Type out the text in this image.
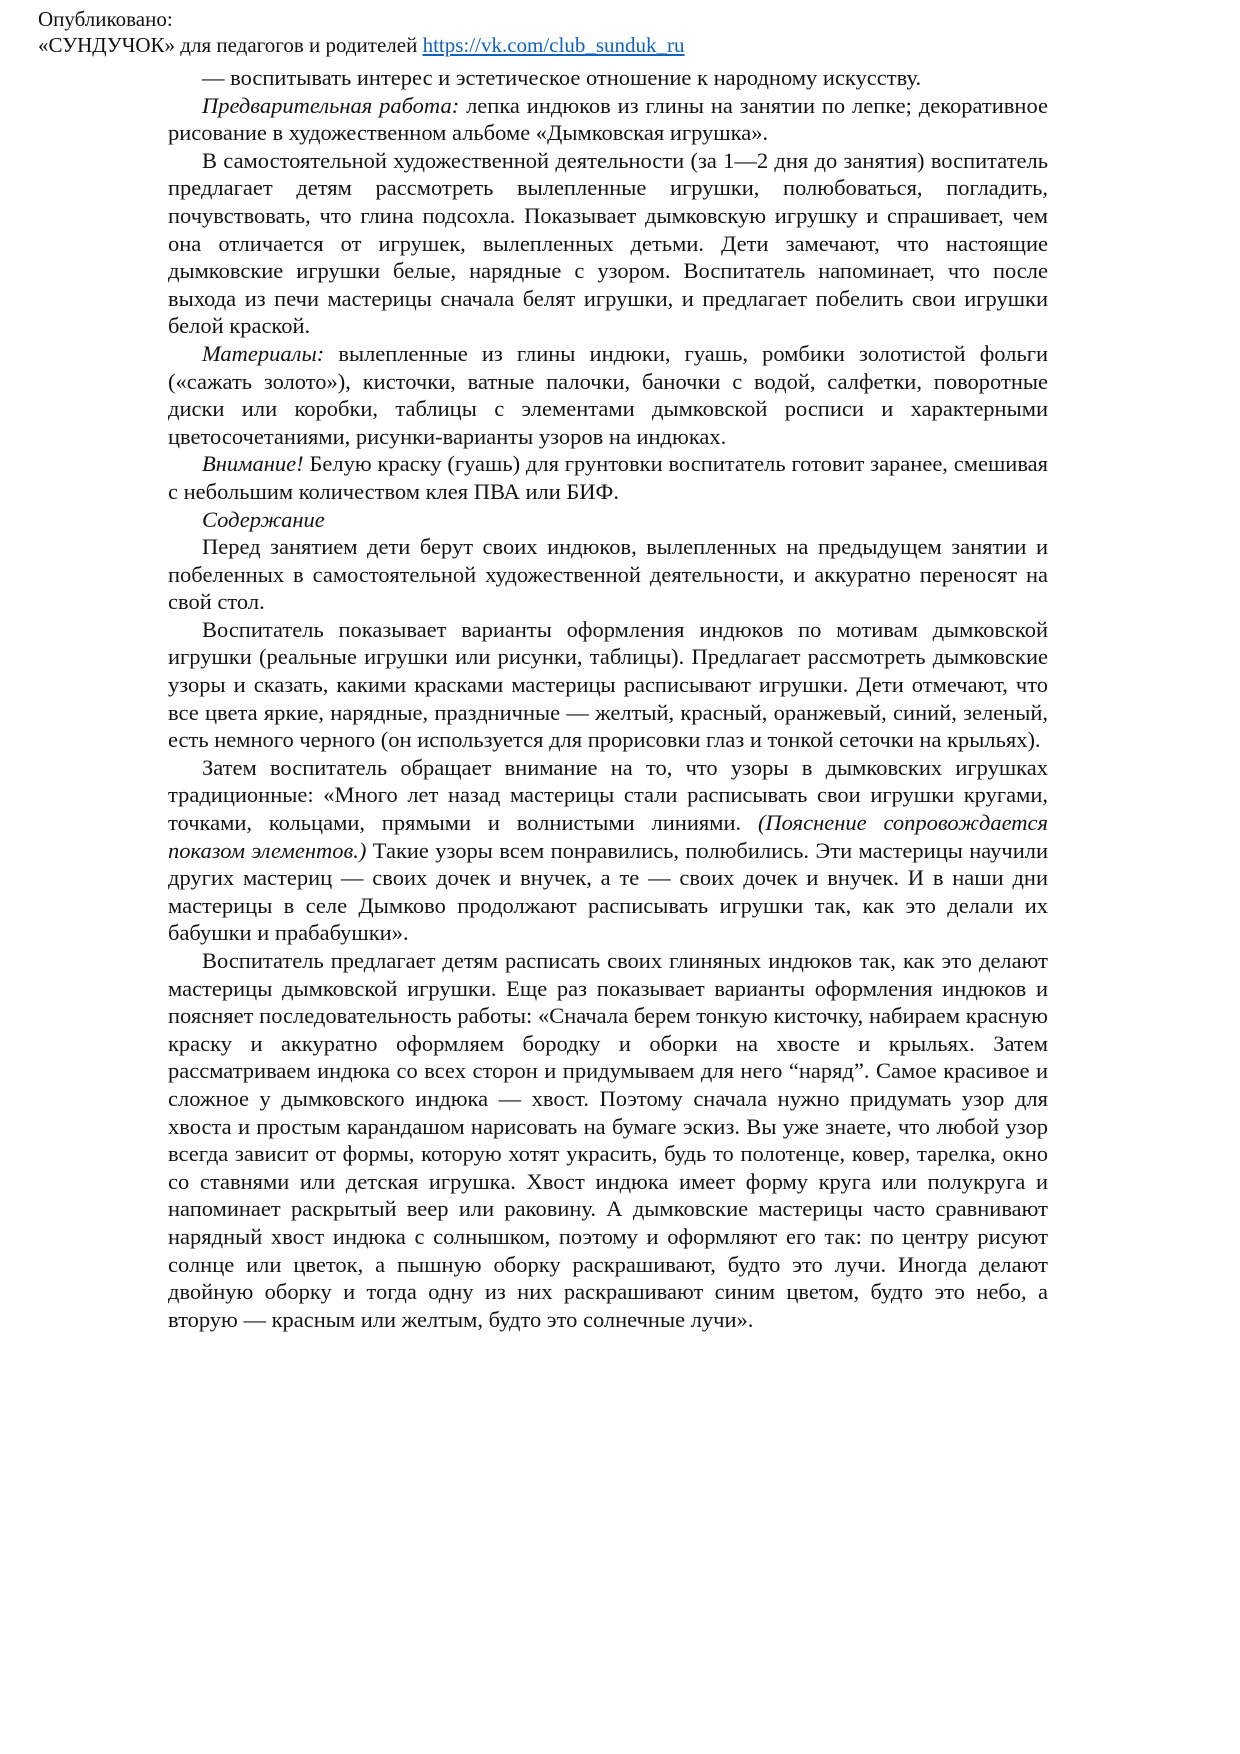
Опубликовано:
«СУНДУЧОК» для педагогов и родителей https://vk.com/club_sunduk_ru

— воспитывать интерес и эстетическое отношение к народному искусству.

Предварительная работа: лепка индюков из глины на занятии по лепке; декоративное рисование в художественном альбоме «Дымковская игрушка».

В самостоятельной художественной деятельности (за 1—2 дня до занятия) воспитатель предлагает детям рассмотреть вылепленные игрушки, полюбоваться, погладить, почувствовать, что глина подсохла. Показывает дымковскую игрушку и спрашивает, чем она отличается от игрушек, вылепленных детьми. Дети замечают, что настоящие дымковские игрушки белые, нарядные с узором. Воспитатель напоминает, что после выхода из печи мастерицы сначала белят игрушки, и предлагает побелить свои игрушки белой краской.

Материалы: вылепленные из глины индюки, гуашь, ромбики золотистой фольги («сажать золото»), кисточки, ватные палочки, баночки с водой, салфетки, поворотные диски или коробки, таблицы с элементами дымковской росписи и характерными цветосочетаниями, рисунки-варианты узоров на индюках.

Внимание! Белую краску (гуашь) для грунтовки воспитатель готовит заранее, смешивая с небольшим количеством клея ПВА или БИФ.

Содержание

Перед занятием дети берут своих индюков, вылепленных на предыдущем занятии и побеленных в самостоятельной художественной деятельности, и аккуратно переносят на свой стол.

Воспитатель показывает варианты оформления индюков по мотивам дымковской игрушки (реальные игрушки или рисунки, таблицы). Предлагает рассмотреть дымковские узоры и сказать, какими красками мастерицы расписывают игрушки. Дети отмечают, что все цвета яркие, нарядные, праздничные — желтый, красный, оранжевый, синий, зеленый, есть немного черного (он используется для прорисовки глаз и тонкой сеточки на крыльях).

Затем воспитатель обращает внимание на то, что узоры в дымковских игрушках традиционные: «Много лет назад мастерицы стали расписывать свои игрушки кругами, точками, кольцами, прямыми и волнистыми линиями. (Пояснение сопровождается показом элементов.) Такие узоры всем понравились, полюбились. Эти мастерицы научили других мастериц — своих дочек и внучек, а те — своих дочек и внучек. И в наши дни мастерицы в селе Дымково продолжают расписывать игрушки так, как это делали их бабушки и прабабушки».

Воспитатель предлагает детям расписать своих глиняных индюков так, как это делают мастерицы дымковской игрушки. Еще раз показывает варианты оформления индюков и поясняет последовательность работы: «Сначала берем тонкую кисточку, набираем красную краску и аккуратно оформляем бородку и оборки на хвосте и крыльях. Затем рассматриваем индюка со всех сторон и придумываем для него “наряд”. Самое красивое и сложное у дымковского индюка — хвост. Поэтому сначала нужно придумать узор для хвоста и простым карандашом нарисовать на бумаге эскиз. Вы уже знаете, что любой узор всегда зависит от формы, которую хотят украсить, будь то полотенце, ковер, тарелка, окно со ставнями или детская игрушка. Хвост индюка имеет форму круга или полукруга и напоминает раскрытый веер или раковину. А дымковские мастерицы часто сравнивают нарядный хвост индюка с солнышком, поэтому и оформляют его так: по центру рисуют солнце или цветок, а пышную оборку раскрашивают, будто это лучи. Иногда делают двойную оборку и тогда одну из них раскрашивают синим цветом, будто это небо, а вторую — красным или желтым, будто это солнечные лучи».
